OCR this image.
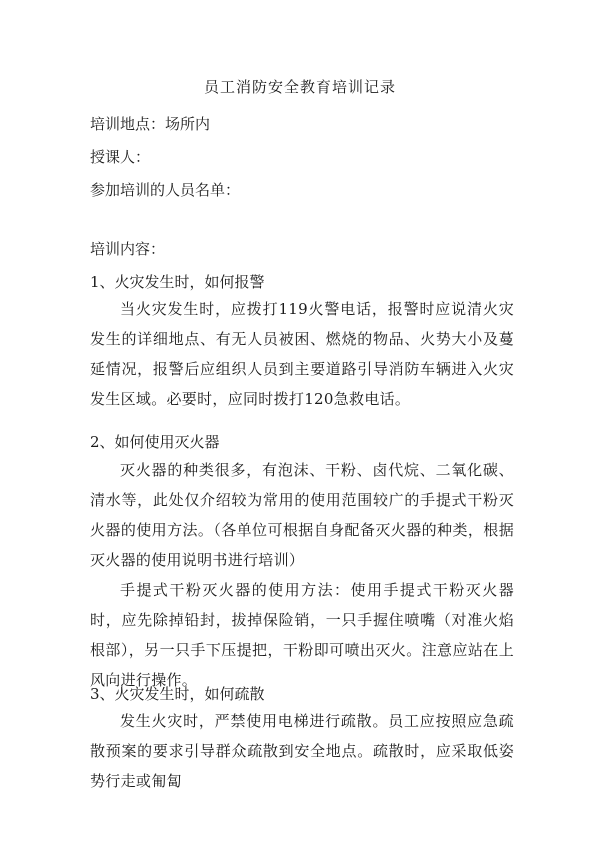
员工消防安全教育培训记录
培训地点：场所内
授课人：
参加培训的人员名单：
培训内容：
1、火灾发生时，如何报警
当火灾发生时，应拨打119火警电话，报警时应说清火灾发生的详细地点、有无人员被困、燃烧的物品、火势大小及蔓延情况，报警后应组织人员到主要道路引导消防车辆进入火灾发生区域。必要时，应同时拨打120急救电话。
2、如何使用灭火器
灭火器的种类很多，有泡沫、干粉、卤代烷、二氧化碳、清水等，此处仅介绍较为常用的使用范围较广的手提式干粉灭火器的使用方法。（各单位可根据自身配备灭火器的种类，根据灭火器的使用说明书进行培训）
手提式干粉灭火器的使用方法：使用手提式干粉灭火器时，应先除掉铅封，拔掉保险销，一只手握住喷嘴（对准火焰根部），另一只手下压提把，干粉即可喷出灭火。注意应站在上风向进行操作。
3、火灾发生时，如何疏散
发生火灾时，严禁使用电梯进行疏散。员工应按照应急疏散预案的要求引导群众疏散到安全地点。疏散时，应采取低姿势行走或匍匐
